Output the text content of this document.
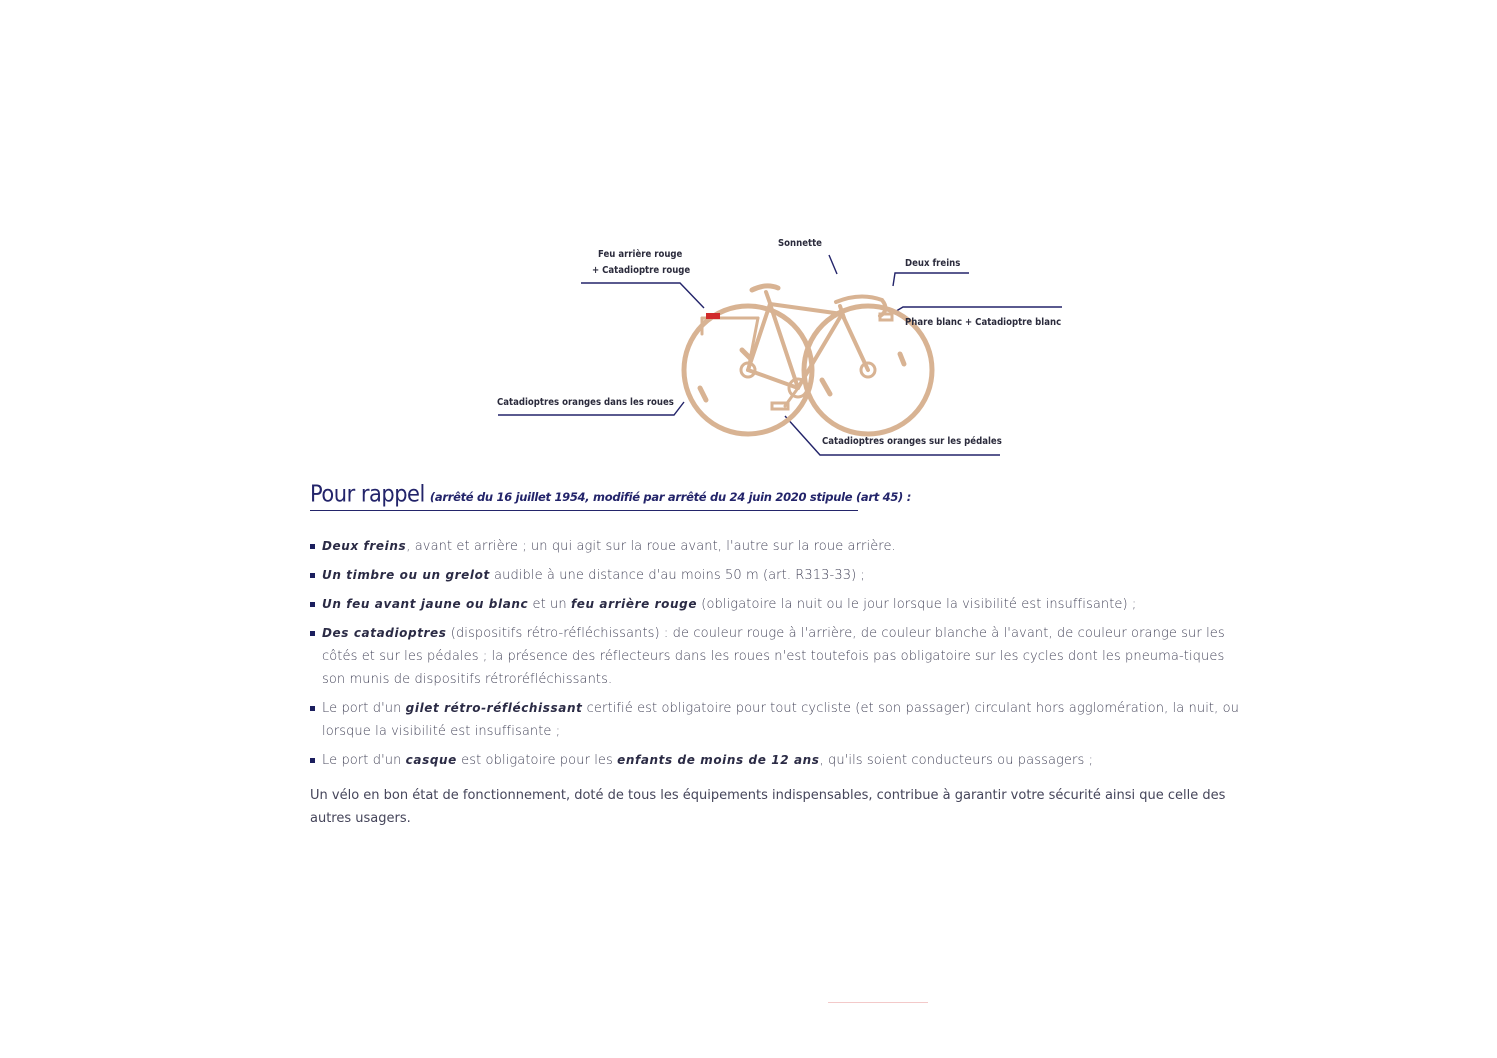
Feu arrière rouge
+ Catadioptre rouge
Sonnette
Deux freins
Phare blanc + Catadioptre blanc
Catadioptres oranges dans les roues
Catadioptres oranges sur les pédales
Pour rappel (arrêté du 16 juillet 1954, modifié par arrêté du 24 juin 2020 stipule (art 45) :
Deux freins, avant et arrière ; un qui agit sur la roue avant, l'autre sur la roue arrière.
Un timbre ou un grelot audible à une distance d'au moins 50 m (art. R313-33) ;
Un feu avant jaune ou blanc et un feu arrière rouge (obligatoire la nuit ou le jour lorsque la visibilité est insuffisante) ;
Des catadioptres (dispositifs rétro-réfléchissants) : de couleur rouge à l'arrière, de couleur blanche à l'avant, de couleur orange sur les côtés et sur les pédales ; la présence des réflecteurs dans les roues n'est toutefois pas obligatoire sur les cycles dont les pneuma-tiques son munis de dispositifs rétroréfléchissants.
Le port d'un gilet rétro-réfléchissant certifié est obligatoire pour tout cycliste (et son passager) circulant hors agglomération, la nuit, ou lorsque la visibilité est insuffisante ;
Le port d'un casque est obligatoire pour les enfants de moins de 12 ans, qu'ils soient conducteurs ou passagers ;
Un vélo en bon état de fonctionnement, doté de tous les équipements indispensables, contribue à garantir votre sécurité ainsi que celle des autres usagers.
